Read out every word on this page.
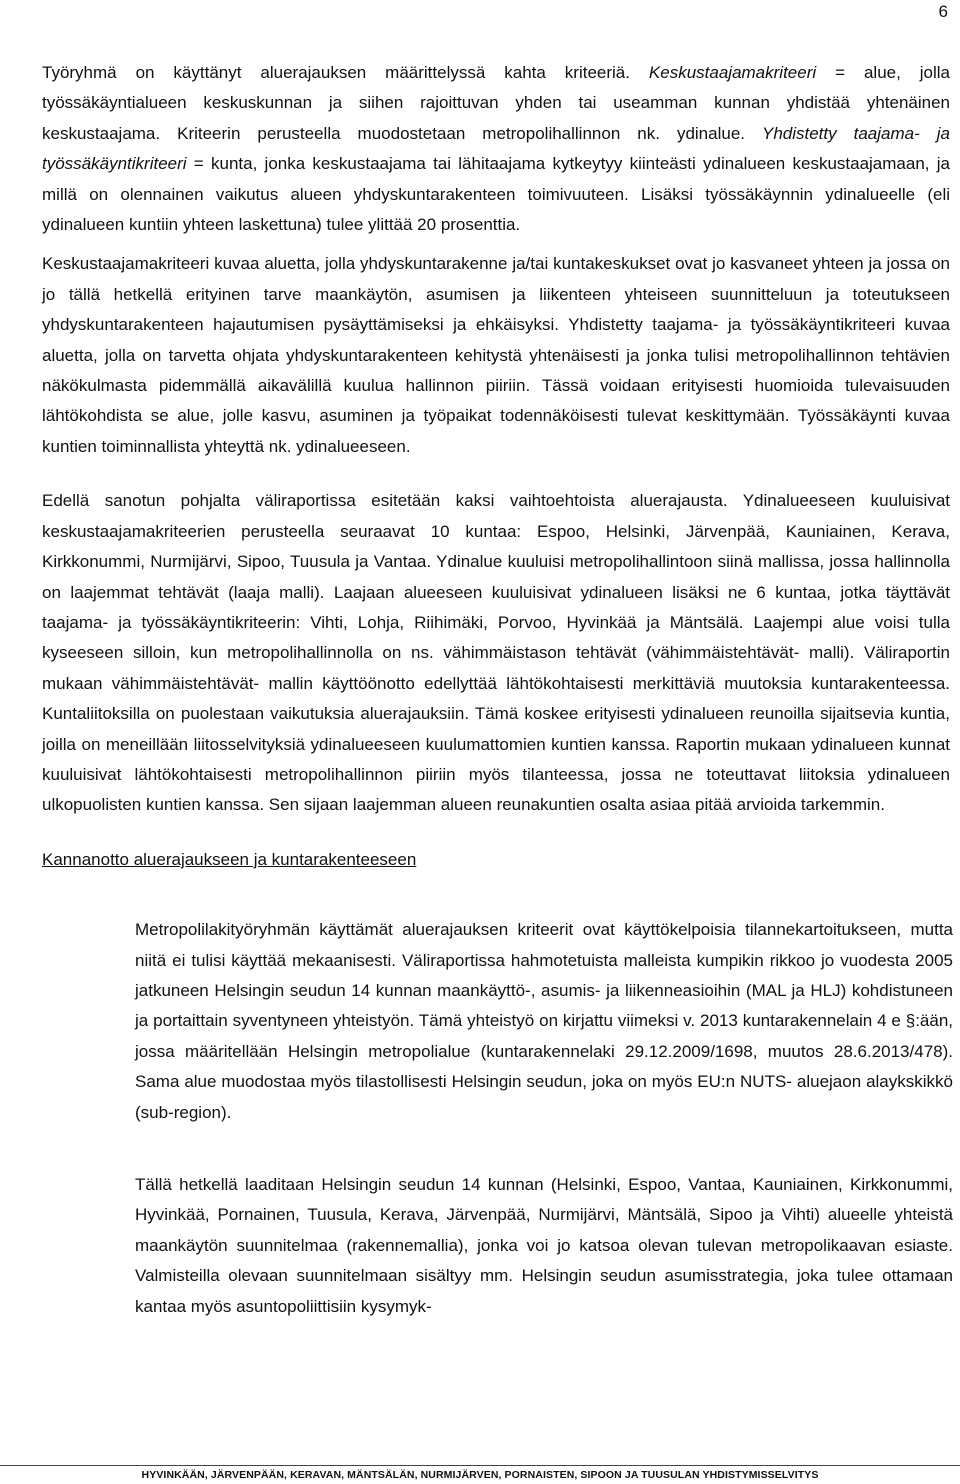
6

Työryhmä on käyttänyt aluerajauksen määrittelyssä kahta kriteeriä. Keskustaajamakriteeri = alue, jolla työssäkäyntialueen keskuskunnan ja siihen rajoittuvan yhden tai useamman kunnan yhdistää yhtenäinen keskustaajama. Kriteerin perusteella muodostetaan metropolihallinnon nk. ydinalue. Yhdistetty taajama- ja työssäkäyntikriteeri = kunta, jonka keskustaajama tai lähitaajama kytkeytyy kiinteästi ydinalueen keskustaajamaan, ja millä on olennainen vaikutus alueen yhdyskuntarakenteen toimivuuteen. Lisäksi työssäkäynnin ydinalueelle (eli ydinalueen kuntiin yhteen laskettuna) tulee ylittää 20 prosenttia.

Keskustaajamakriteeri kuvaa aluetta, jolla yhdyskuntarakenne ja/tai kuntakeskukset ovat jo kasvaneet yhteen ja jossa on jo tällä hetkellä erityinen tarve maankäytön, asumisen ja liikenteen yhteiseen suunnitteluun ja toteutukseen yhdyskuntarakenteen hajautumisen pysäyttämiseksi ja ehkäisyksi. Yhdistetty taajama- ja työssäkäyntikriteeri kuvaa aluetta, jolla on tarvetta ohjata yhdyskuntarakenteen kehitystä yhtenäisesti ja jonka tulisi metropolihallinnon tehtävien näkökulmasta pidemmällä aikavälillä kuulua hallinnon piiriin. Tässä voidaan erityisesti huomioida tulevaisuuden lähtökohdista se alue, jolle kasvu, asuminen ja työpaikat todennäköisesti tulevat keskittymään. Työssäkäynti kuvaa kuntien toiminnallista yhteyttä nk. ydinalueeseen.

Edellä sanotun pohjalta väliraportissa esitetään kaksi vaihtoehtoista aluerajausta. Ydinalueeseen kuuluisivat keskustaajamakriteerien perusteella seuraavat 10 kuntaa: Espoo, Helsinki, Järvenpää, Kauniainen, Kerava, Kirkkonummi, Nurmijärvi, Sipoo, Tuusula ja Vantaa. Ydinalue kuuluisi metropolihallintoon siinä mallissa, jossa hallinnolla on laajemmat tehtävät (laaja malli). Laajaan alueeseen kuuluisivat ydinalueen lisäksi ne 6 kuntaa, jotka täyttävät taajama- ja työssäkäyntikriteerin: Vihti, Lohja, Riihimäki, Porvoo, Hyvinkää ja Mäntsälä. Laajempi alue voisi tulla kyseeseen silloin, kun metropolihallinnolla on ns. vähimmäistason tehtävät (vähimmäistehtävät- malli). Väliraportin mukaan vähimmäistehtävät- mallin käyttöönotto edellyttää lähtökohtaisesti merkittäviä muutoksia kuntarakenteessa. Kuntaliitoksilla on puolestaan vaikutuksia aluerajauksiin. Tämä koskee erityisesti ydinalueen reunoilla sijaitsevia kuntia, joilla on meneillään liitosselvityksiä ydinalueeseen kuulumattomien kuntien kanssa. Raportin mukaan ydinalueen kunnat kuuluisivat lähtökohtaisesti metropolihallinnon piiriin myös tilanteessa, jossa ne toteuttavat liitoksia ydinalueen ulkopuolisten kuntien kanssa. Sen sijaan laajemman alueen reunakuntien osalta asiaa pitää arvioida tarkemmin.

Kannanotto aluerajaukseen ja kuntarakenteeseen

Metropolilakityöryhmän käyttämät aluerajauksen kriteerit ovat käyttökelpoisia tilannekartoitukseen, mutta niitä ei tulisi käyttää mekaanisesti. Väliraportissa hahmotetuista malleista kumpikin rikkoo jo vuodesta 2005 jatkuneen Helsingin seudun 14 kunnan maankäyttö-, asumis- ja liikenneasioihin (MAL ja HLJ) kohdistuneen ja portaittain syventyneen yhteistyön. Tämä yhteistyö on kirjattu viimeksi v. 2013 kuntarakennelain 4 e §:ään, jossa määritellään Helsingin metropolialue (kuntarakennelaki 29.12.2009/1698, muutos 28.6.2013/478). Sama alue muodostaa myös tilastollisesti Helsingin seudun, joka on myös EU:n NUTS- aluejaon alaykskikkö (sub-region).

Tällä hetkellä laaditaan Helsingin seudun 14 kunnan (Helsinki, Espoo, Vantaa, Kauniainen, Kirkkonummi, Hyvinkää, Pornainen, Tuusula, Kerava, Järvenpää, Nurmijärvi, Mäntsälä, Sipoo ja Vihti) alueelle yhteistä maankäytön suunnitelmaa (rakennemallia), jonka voi jo katsoa olevan tulevan metropolikaavan esiaste. Valmisteilla olevaan suunnitelmaan sisältyy mm. Helsingin seudun asumisstrategia, joka tulee ottamaan kantaa myös asuntopoliittisiin kysymyk-

HYVINKÄÄN, JÄRVENPÄÄN, KERAVAN, MÄNTSÄLÄN, NURMIJÄRVEN, PORNAISTEN, SIPOON JA TUUSULAN YHDISTYMISSELVITYS
